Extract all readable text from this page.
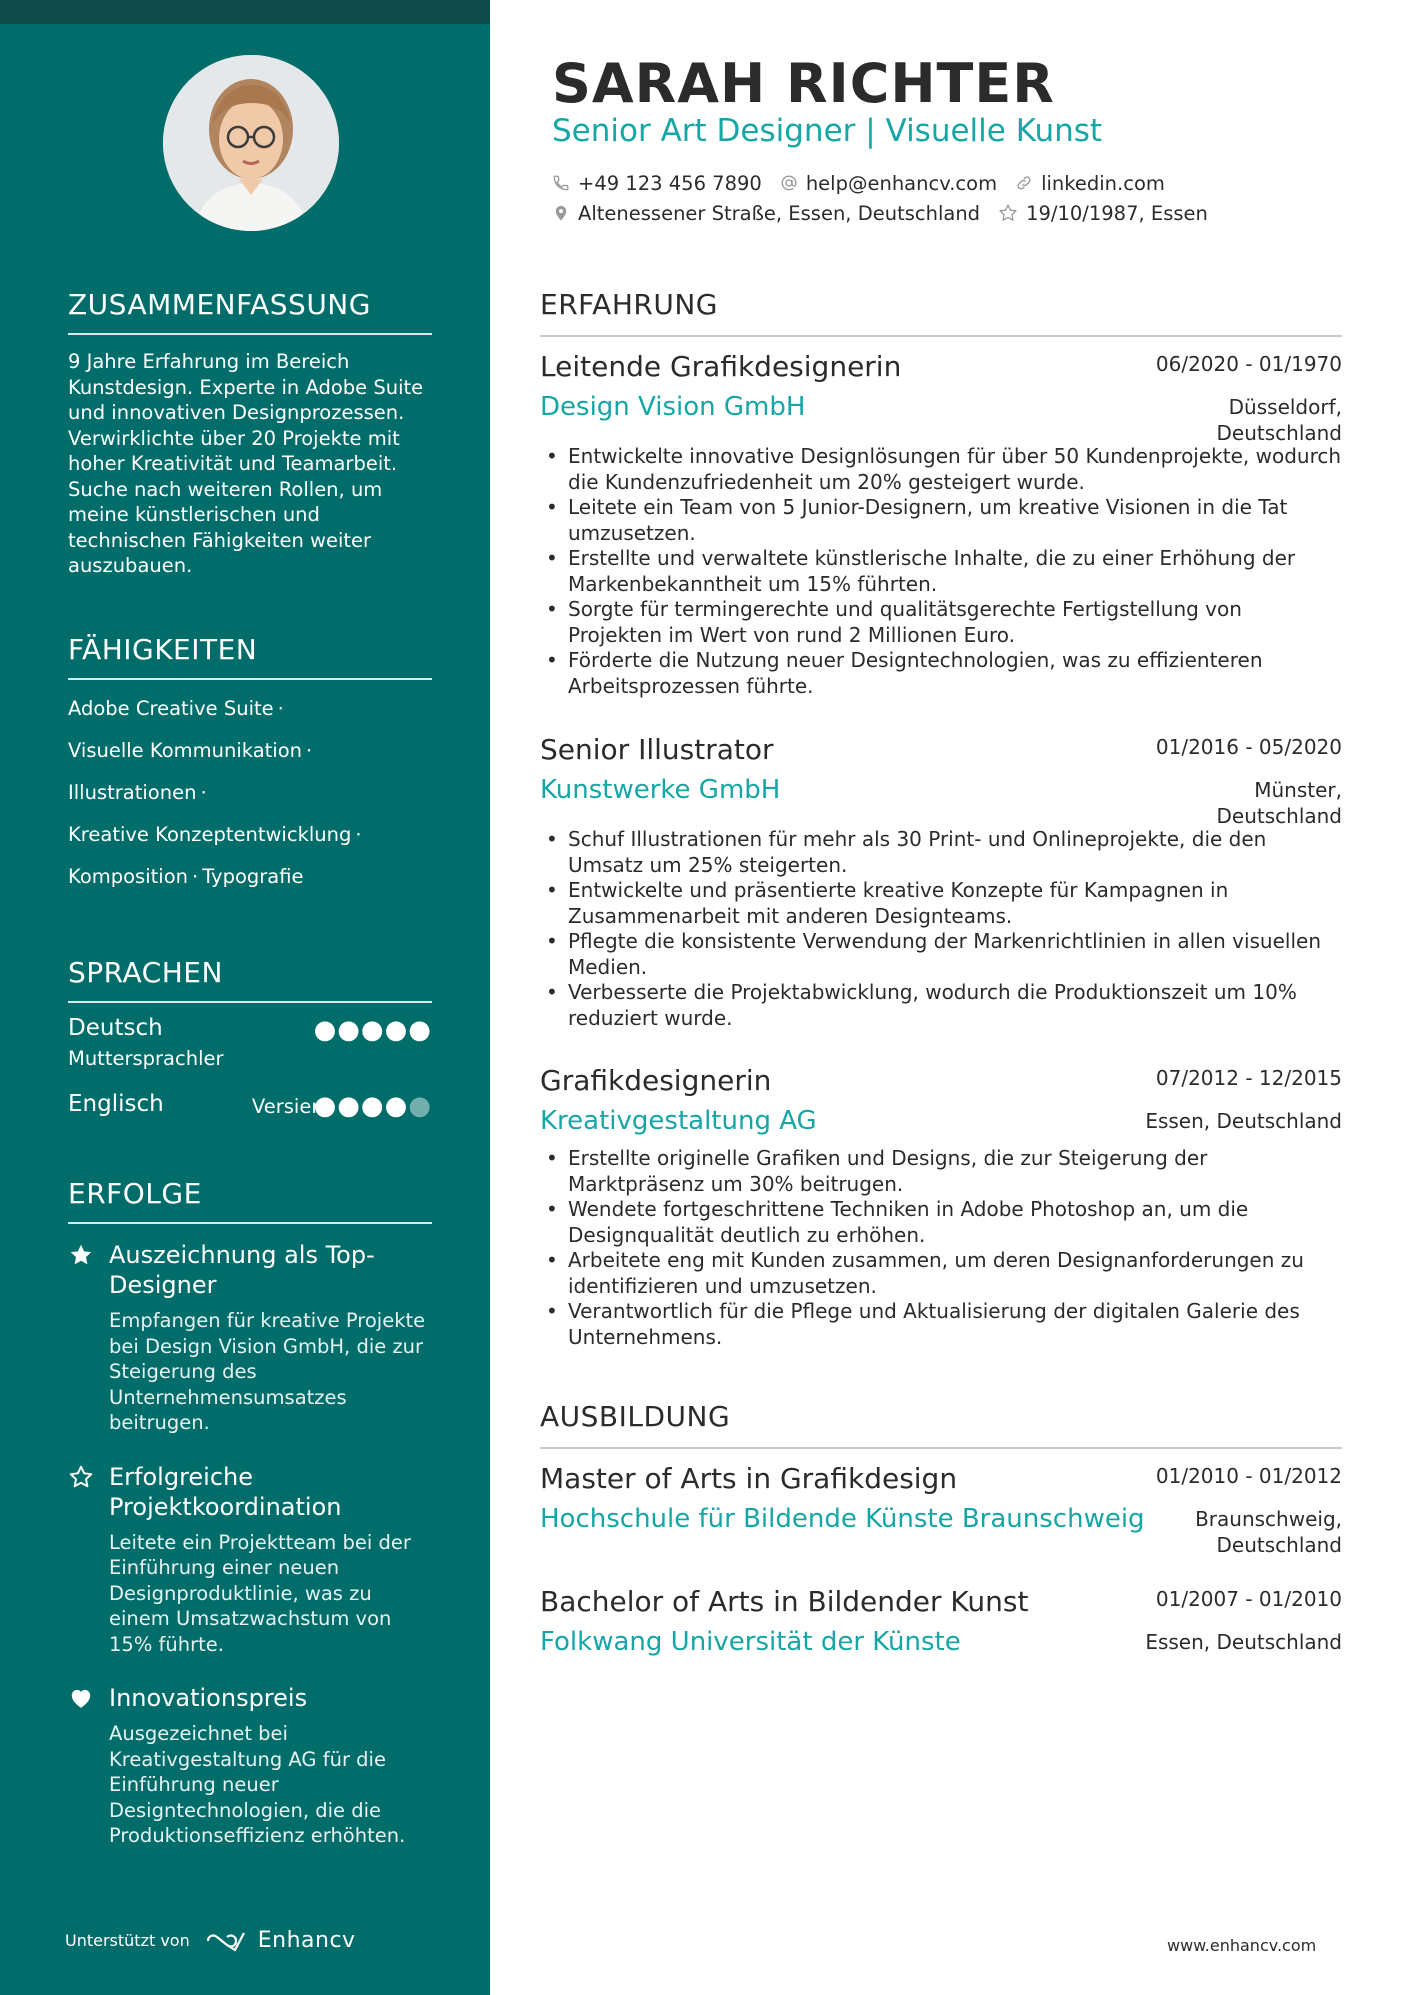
ZUSAMMENFASSUNG
9 Jahre Erfahrung im Bereich Kunstdesign. Experte in Adobe Suite und innovativen Designprozessen. Verwirklichte über 20 Projekte mit hoher Kreativität und Teamarbeit. Suche nach weiteren Rollen, um meine künstlerischen und technischen Fähigkeiten weiter auszubauen.
FÄHIGKEITEN
Adobe Creative Suite ·
Visuelle Kommunikation ·
Illustrationen ·
Kreative Konzeptentwicklung ·
Komposition · Typografie
SPRACHEN
Deutsch
Muttersprachler
●●●●●
Englisch	Versiert
●●●●●
ERFOLGE
Auszeichnung als Top-Designer
Empfangen für kreative Projekte bei Design Vision GmbH, die zur Steigerung des Unternehmensumsatzes beitrugen.
Erfolgreiche Projektkoordination
Leitete ein Projektteam bei der Einführung einer neuen Designproduktlinie, was zu einem Umsatzwachstum von 15% führte.
Innovationspreis
Ausgezeichnet bei Kreativgestaltung AG für die Einführung neuer Designtechnologien, die die Produktionseffizienz erhöhten.
Unterstützt von	Enhancv
SARAH RICHTER
Senior Art Designer | Visuelle Kunst
+49 123 456 7890 help@enhancv.com linkedin.com
Altenessener Straße, Essen, Deutschland 19/10/1987, Essen
ERFAHRUNG
Leitende Grafikdesignerin	06/2020 - 01/1970
Design Vision GmbH	Düsseldorf, Deutschland
• Entwickelte innovative Designlösungen für über 50 Kundenprojekte, wodurch die Kundenzufriedenheit um 20% gesteigert wurde.
• Leitete ein Team von 5 Junior-Designern, um kreative Visionen in die Tat umzusetzen.
• Erstellte und verwaltete künstlerische Inhalte, die zu einer Erhöhung der Markenbekanntheit um 15% führten.
• Sorgte für termingerechte und qualitätsgerechte Fertigstellung von Projekten im Wert von rund 2 Millionen Euro.
• Förderte die Nutzung neuer Designtechnologien, was zu effizienteren Arbeitsprozessen führte.
Senior Illustrator	01/2016 - 05/2020
Kunstwerke GmbH	Münster, Deutschland
• Schuf Illustrationen für mehr als 30 Print- und Onlineprojekte, die den Umsatz um 25% steigerten.
• Entwickelte und präsentierte kreative Konzepte für Kampagnen in Zusammenarbeit mit anderen Designteams.
• Pflegte die konsistente Verwendung der Markenrichtlinien in allen visuellen Medien.
• Verbesserte die Projektabwicklung, wodurch die Produktionszeit um 10% reduziert wurde.
Grafikdesignerin	07/2012 - 12/2015
Kreativgestaltung AG	Essen, Deutschland
• Erstellte originelle Grafiken und Designs, die zur Steigerung der Marktpräsenz um 30% beitrugen.
• Wendete fortgeschrittene Techniken in Adobe Photoshop an, um die Designqualität deutlich zu erhöhen.
• Arbeitete eng mit Kunden zusammen, um deren Designanforderungen zu identifizieren und umzusetzen.
• Verantwortlich für die Pflege und Aktualisierung der digitalen Galerie des Unternehmens.
AUSBILDUNG
Master of Arts in Grafikdesign	01/2010 - 01/2012
Hochschule für Bildende Künste Braunschweig	Braunschweig, Deutschland
Bachelor of Arts in Bildender Kunst	01/2007 - 01/2010
Folkwang Universität der Künste	Essen, Deutschland
www.enhancv.com
